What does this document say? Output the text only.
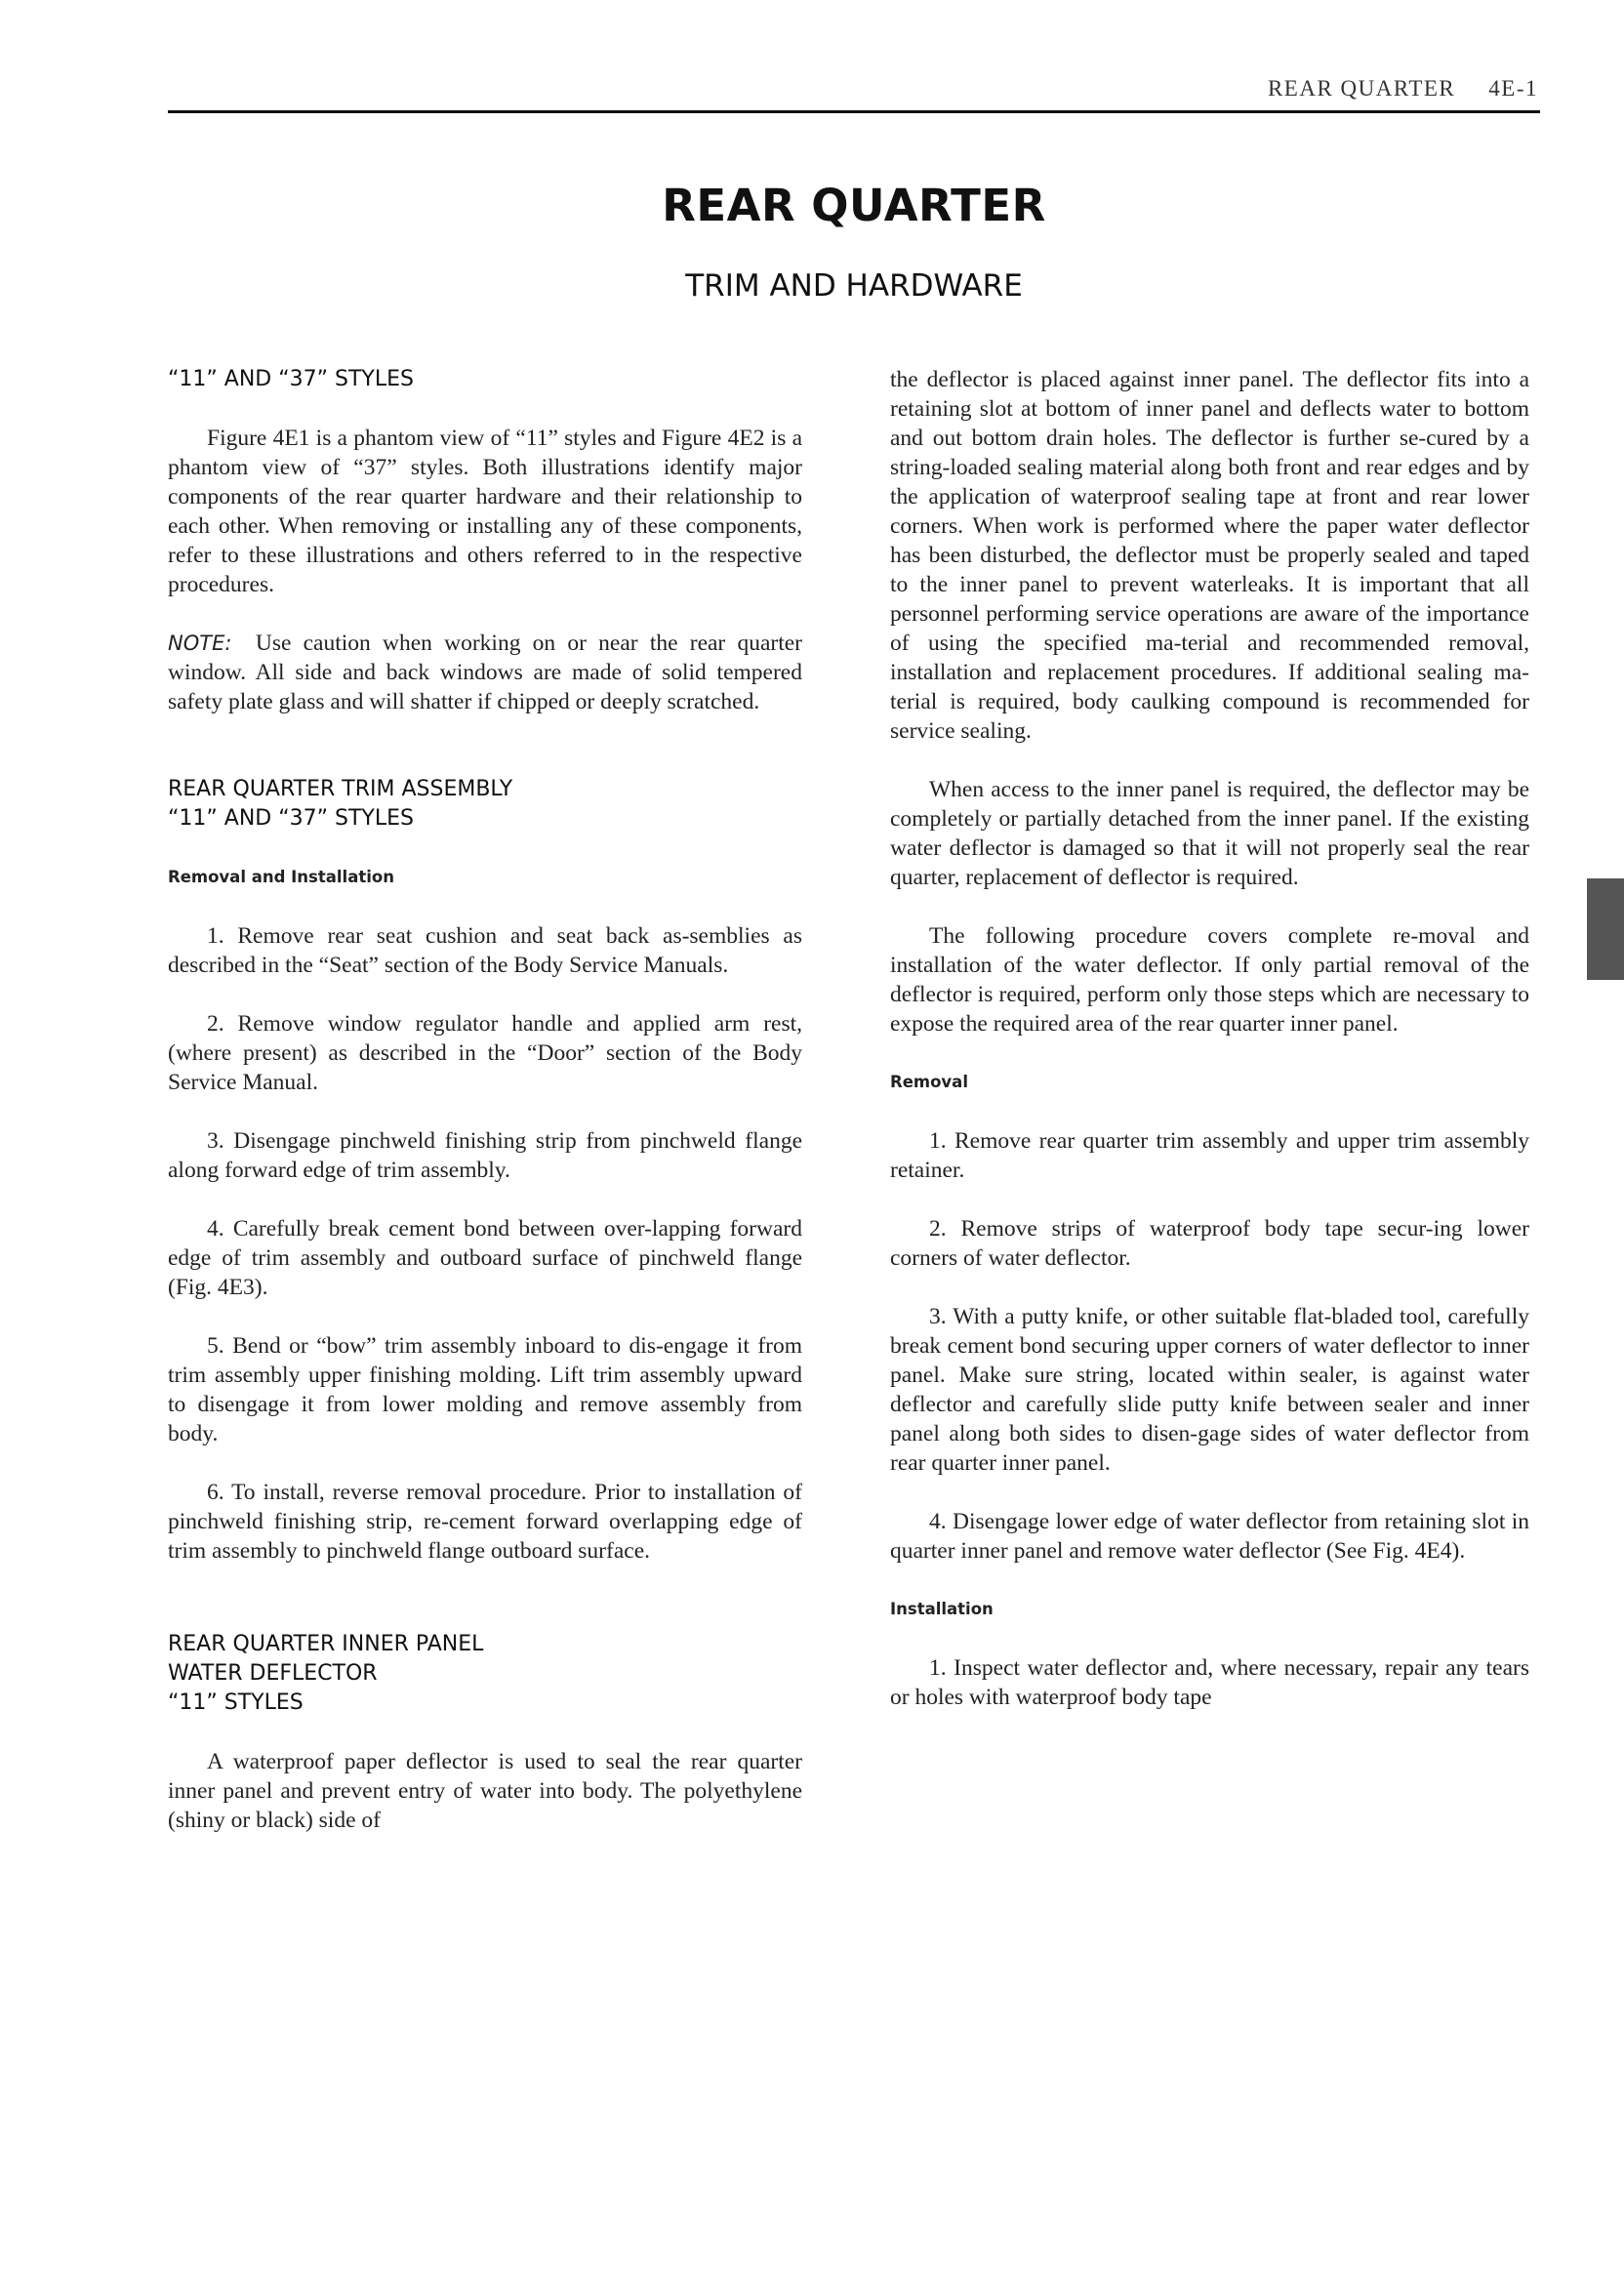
REAR QUARTER 4E-1
REAR QUARTER
TRIM AND HARDWARE

“11” AND “37” STYLES

Figure 4E1 is a phantom view of “11” styles and Figure 4E2 is a phantom view of “37” styles. Both illustrations identify major components of the rear quarter hardware and their relationship to each other. When removing or installing any of these components, refer to these illustrations and others referred to in the respective procedures.

NOTE: Use caution when working on or near the rear quarter window. All side and back windows are made of solid tempered safety plate glass and will shatter if chipped or deeply scratched.

REAR QUARTER TRIM ASSEMBLY

“11” AND “37” STYLES

Removal and Installation

1. Remove rear seat cushion and seat back as-semblies as described in the “Seat” section of the Body Service Manuals.

2. Remove window regulator handle and applied arm rest, (where present) as described in the “Door” section of the Body Service Manual.

3. Disengage pinchweld finishing strip from pinchweld flange along forward edge of trim assembly.

4. Carefully break cement bond between over-lapping forward edge of trim assembly and outboard surface of pinchweld flange (Fig. 4E3).

5. Bend or “bow” trim assembly inboard to dis-engage it from trim assembly upper finishing molding. Lift trim assembly upward to disengage it from lower molding and remove assembly from body.

6. To install, reverse removal procedure. Prior to installation of pinchweld finishing strip, re-cement forward overlapping edge of trim assembly to pinchweld flange outboard surface.

REAR QUARTER INNER PANEL

WATER DEFLECTOR

“11” STYLES

A waterproof paper deflector is used to seal the rear quarter inner panel and prevent entry of water into body. The polyethylene (shiny or black) side of

the deflector is placed against inner panel. The deflector fits into a retaining slot at bottom of inner panel and deflects water to bottom and out bottom drain holes. The deflector is further se-cured by a string-loaded sealing material along both front and rear edges and by the application of waterproof sealing tape at front and rear lower corners. When work is performed where the paper water deflector has been disturbed, the deflector must be properly sealed and taped to the inner panel to prevent waterleaks. It is important that all personnel performing service operations are aware of the importance of using the specified ma-terial and recommended removal, installation and replacement procedures. If additional sealing ma-terial is required, body caulking compound is recommended for service sealing.

When access to the inner panel is required, the deflector may be completely or partially detached from the inner panel. If the existing water deflector is damaged so that it will not properly seal the rear quarter, replacement of deflector is required.

The following procedure covers complete re-moval and installation of the water deflector. If only partial removal of the deflector is required, perform only those steps which are necessary to expose the required area of the rear quarter inner panel.

Removal

1. Remove rear quarter trim assembly and upper trim assembly retainer.

2. Remove strips of waterproof body tape secur-ing lower corners of water deflector.

3. With a putty knife, or other suitable flat-bladed tool, carefully break cement bond securing upper corners of water deflector to inner panel. Make sure string, located within sealer, is against water deflector and carefully slide putty knife between sealer and inner panel along both sides to disen-gage sides of water deflector from rear quarter inner panel.

4. Disengage lower edge of water deflector from retaining slot in quarter inner panel and remove water deflector (See Fig. 4E4).

Installation

1. Inspect water deflector and, where necessary, repair any tears or holes with waterproof body tape
